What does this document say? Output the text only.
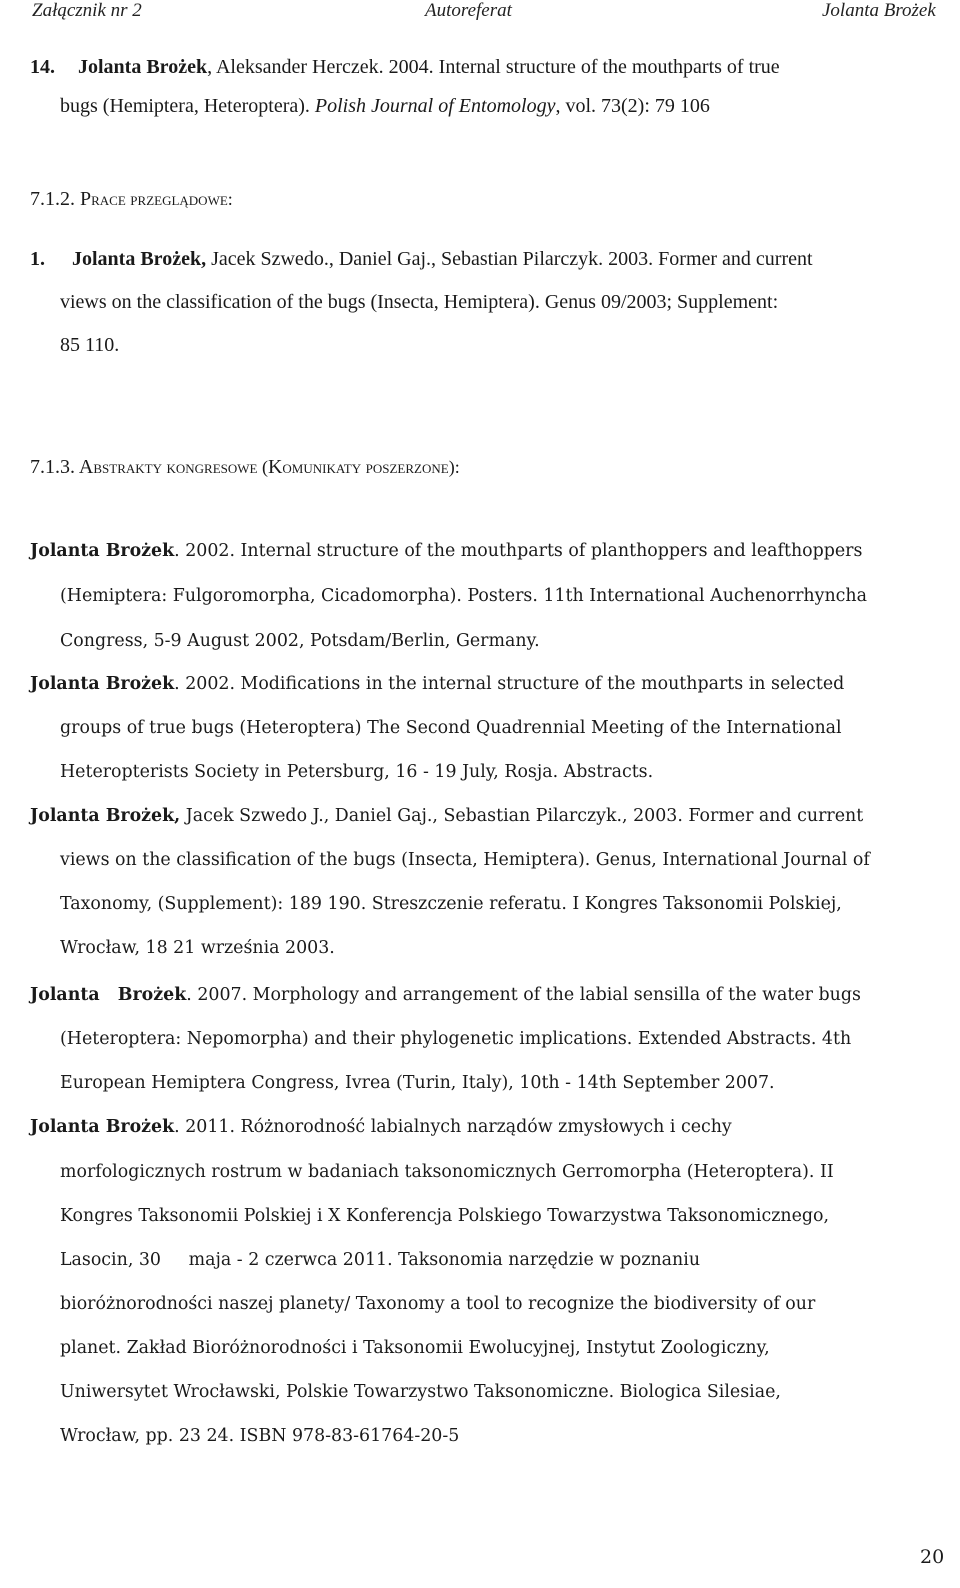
Załącznik nr 2	Autoreferat	Jolanta Brożek
14. Jolanta Brożek, Aleksander Herczek. 2004. Internal structure of the mouthparts of true
bugs (Hemiptera, Heteroptera). Polish Journal of Entomology, vol. 73(2): 79 106
7.1.2. Prace przeglądowe:
1. Jolanta Brożek, Jacek Szwedo., Daniel Gaj., Sebastian Pilarczyk. 2003. Former and current
views on the classification of the bugs (Insecta, Hemiptera). Genus 09/2003; Supplement:
85 110.
7.1.3. Abstrakty kongresowe (Komunikaty poszerzone):
Jolanta Brożek. 2002. Internal structure of the mouthparts of planthoppers and leafthoppers
(Hemiptera: Fulgoromorpha, Cicadomorpha). Posters. 11th International Auchenorrhyncha
Congress, 5-9 August 2002, Potsdam/Berlin, Germany.
Jolanta Brożek. 2002. Modifications in the internal structure of the mouthparts in selected
groups of true bugs (Heteroptera) The Second Quadrennial Meeting of the International
Heteropterists Society in Petersburg, 16 - 19 July, Rosja. Abstracts.
Jolanta Brożek, Jacek Szwedo J., Daniel Gaj., Sebastian Pilarczyk., 2003. Former and current
views on the classification of the bugs (Insecta, Hemiptera). Genus, International Journal of
Taxonomy, (Supplement): 189 190. Streszczenie referatu. I Kongres Taksonomii Polskiej,
Wrocław, 18 21 września 2003.
Jolanta   Brożek. 2007. Morphology and arrangement of the labial sensilla of the water bugs
(Heteroptera: Nepomorpha) and their phylogenetic implications. Extended Abstracts. 4th
European Hemiptera Congress, Ivrea (Turin, Italy), 10th - 14th September 2007.
Jolanta Brożek. 2011. Różnorodność labialnych narządów zmysłowych i cechy
morfologicznych rostrum w badaniach taksonomicznych Gerromorpha (Heteroptera). II
Kongres Taksonomii Polskiej i X Konferencja Polskiego Towarzystwa Taksonomicznego,
Lasocin, 30     maja - 2 czerwca 2011. Taksonomia narzędzie w poznaniu
bioróżnorodności naszej planety/ Taxonomy a tool to recognize the biodiversity of our
planet. Zakład Bioróżnorodności i Taksonomii Ewolucyjnej, Instytut Zoologiczny,
Uniwersytet Wrocławski, Polskie Towarzystwo Taksonomiczne. Biologica Silesiae,
Wrocław, pp. 23 24. ISBN 978-83-61764-20-5
20
